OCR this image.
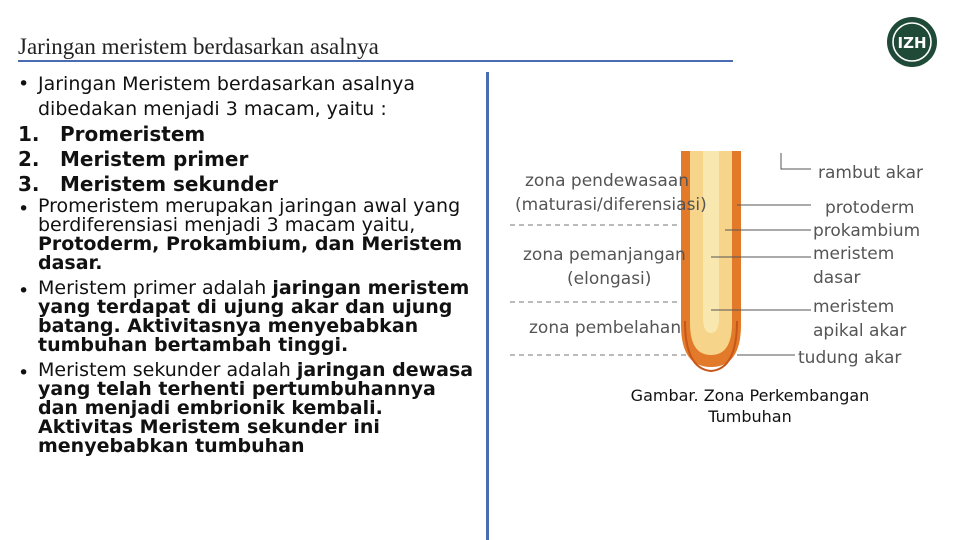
Jaringan meristem berdasarkan asalnya	IZH
• Jaringan Meristem berdasarkan asalnya dibedakan menjadi 3 macam, yaitu :
1. Promeristem
2. Meristem primer
3. Meristem sekunder
• Promeristem merupakan jaringan awal yang berdiferensiasi menjadi 3 macam yaitu, Protoderm, Prokambium, dan Meristem dasar.
• Meristem primer adalah jaringan meristem yang terdapat di ujung akar dan ujung batang. Aktivitasnya menyebabkan tumbuhan bertambah tinggi.
• Meristem sekunder adalah jaringan dewasa yang telah terhenti pertumbuhannya dan menjadi embrionik kembali. Aktivitas Meristem sekunder ini menyebabkan tumbuhan
zona pendewasaan
(maturasi/diferensiasi)
zona pemanjangan
(elongasi)
zona pembelahan
rambut akar
protoderm
prokambium
meristem
dasar
meristem
apikal akar
tudung akar
Gambar. Zona Perkembangan
Tumbuhan
